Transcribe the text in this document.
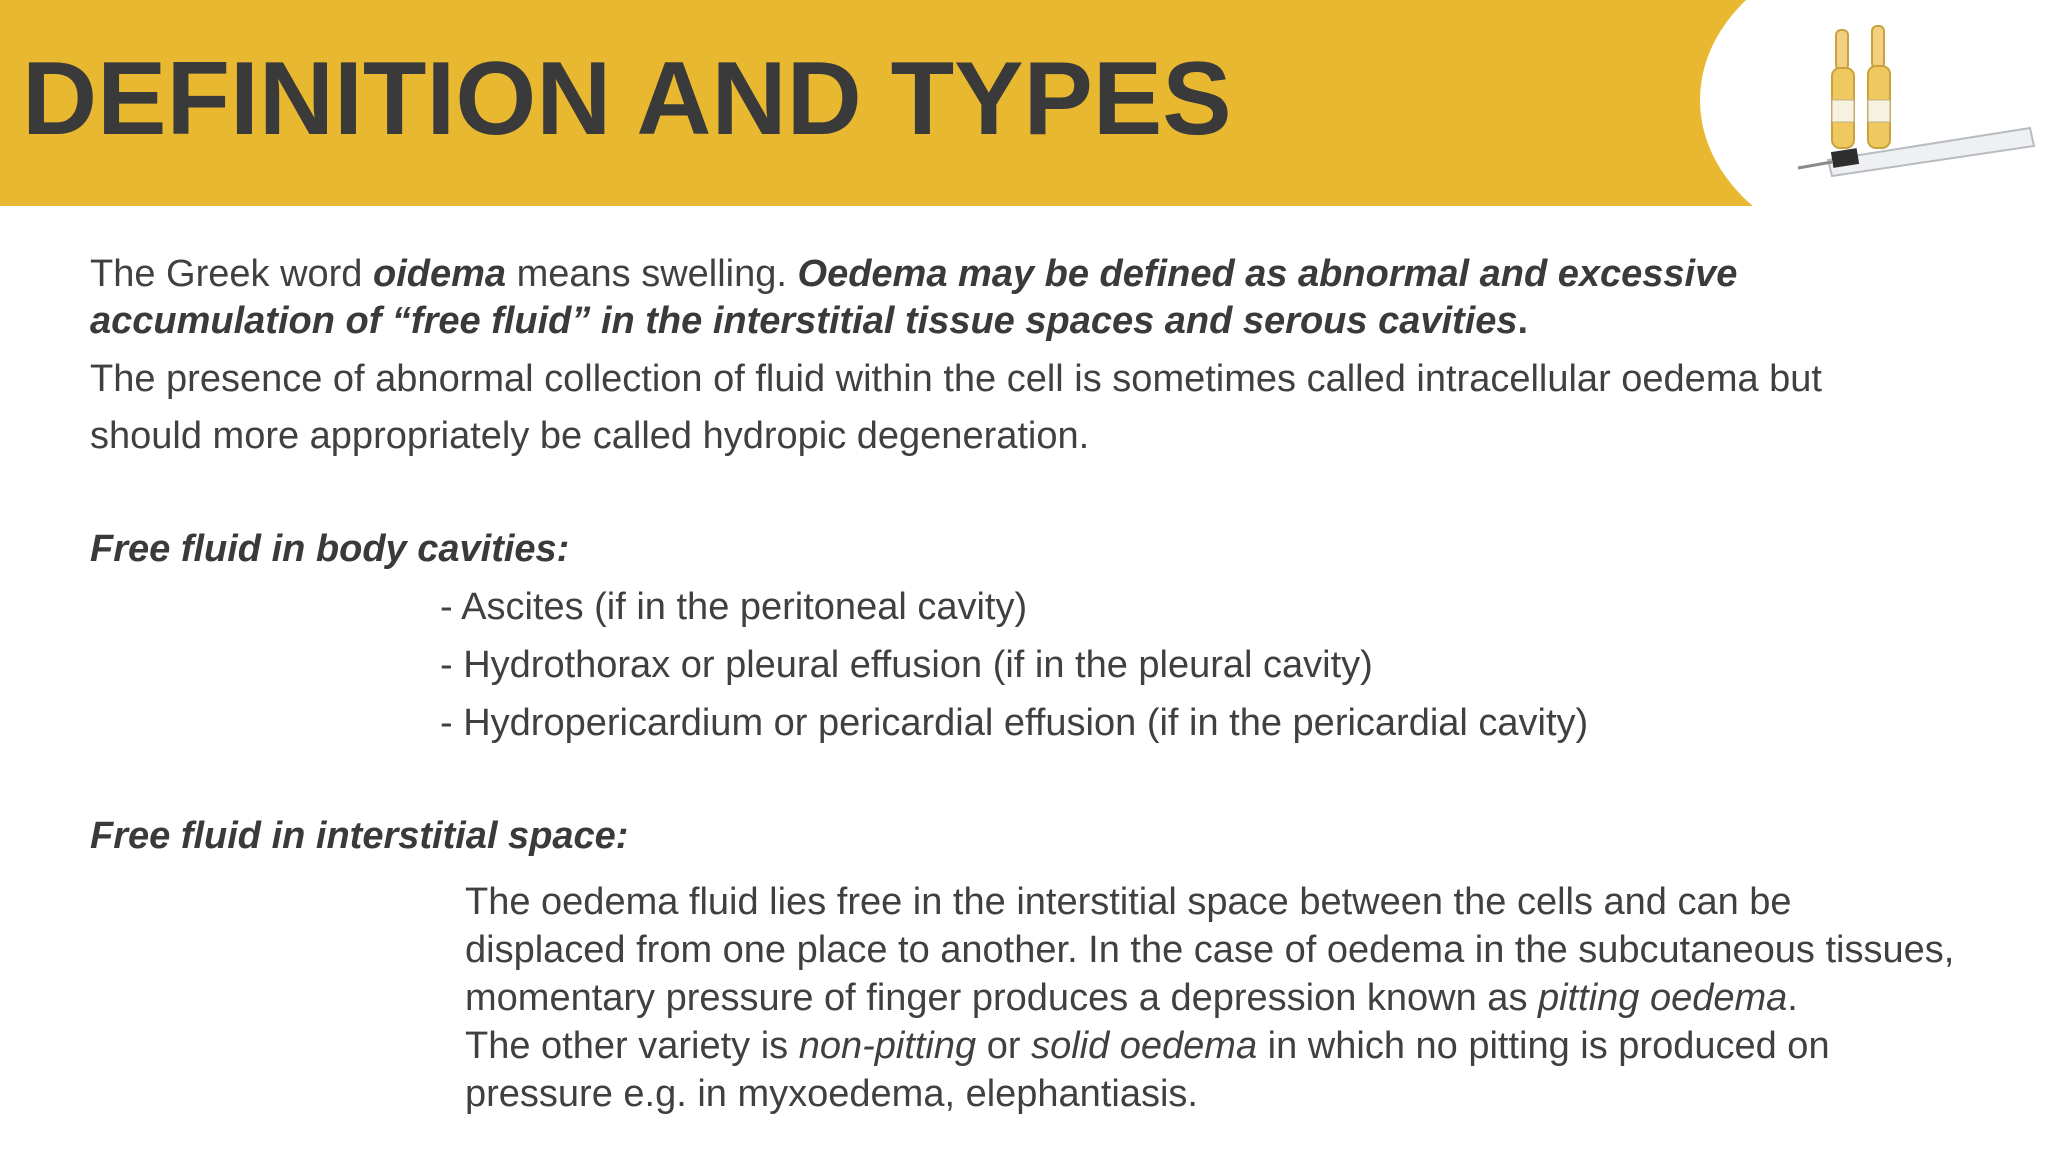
DEFINITION AND TYPES
The Greek word oidema means swelling. Oedema may be defined as abnormal and excessive
accumulation of “free fluid” in the interstitial tissue spaces and serous cavities.
The presence of abnormal collection of fluid within the cell is sometimes called intracellular oedema but
should more appropriately be called hydropic degeneration.
Free fluid in body cavities:
- Ascites (if in the peritoneal cavity)
- Hydrothorax or pleural effusion (if in the pleural cavity)
- Hydropericardium or pericardial effusion (if in the pericardial cavity)
Free fluid in interstitial space:
The oedema fluid lies free in the interstitial space between the cells and can be
displaced from one place to another. In the case of oedema in the subcutaneous tissues,
momentary pressure of finger produces a depression known as pitting oedema.
The other variety is non-pitting or solid oedema in which no pitting is produced on
pressure e.g. in myxoedema, elephantiasis.
